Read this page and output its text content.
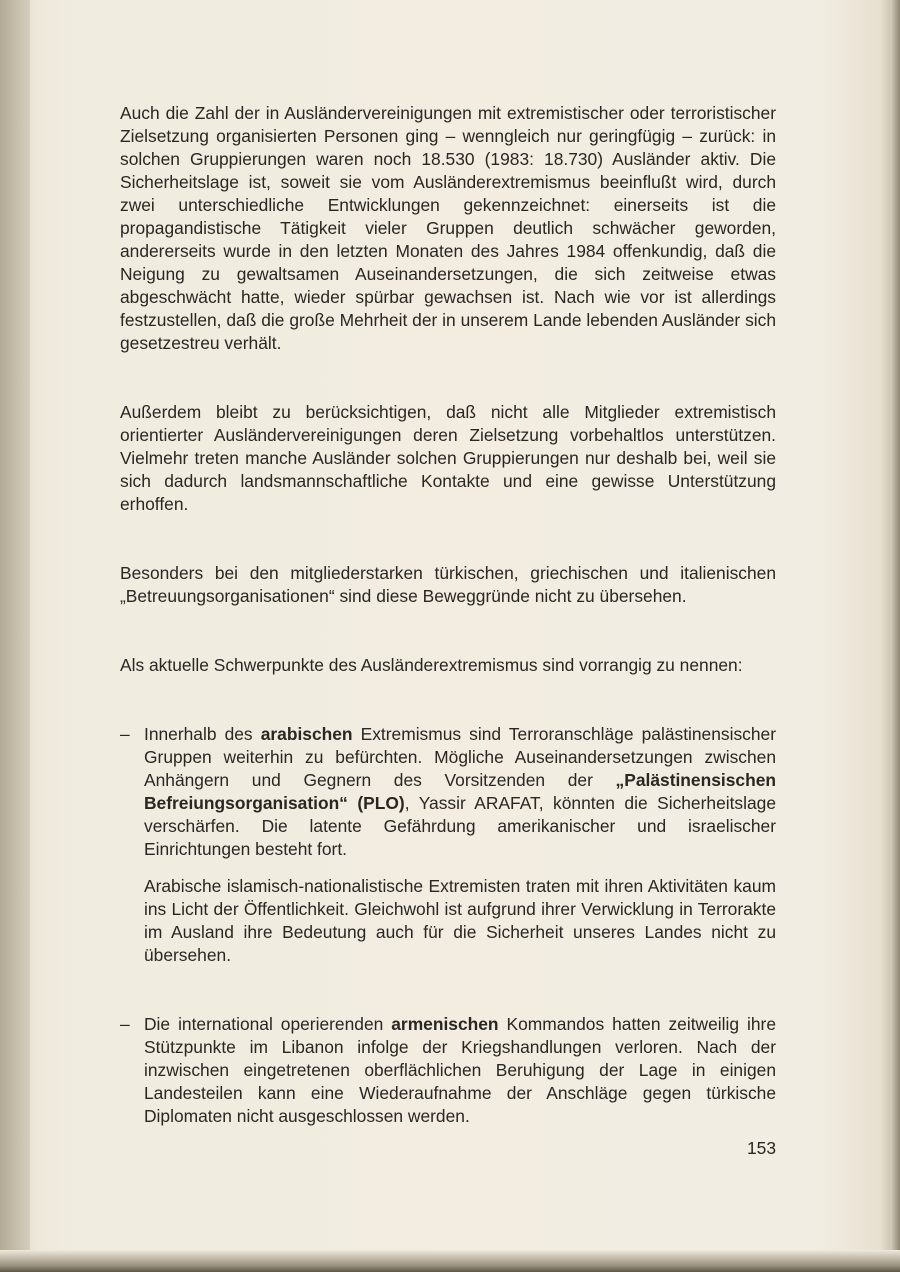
Auch die Zahl der in Ausländervereinigungen mit extremistischer oder terroristischer Zielsetzung organisierten Personen ging – wenngleich nur geringfügig – zurück: in solchen Gruppierungen waren noch 18.530 (1983: 18.730) Ausländer aktiv. Die Sicherheitslage ist, soweit sie vom Ausländerextremismus beeinflußt wird, durch zwei unterschiedliche Entwicklungen gekennzeichnet: einerseits ist die propagandistische Tätigkeit vieler Gruppen deutlich schwächer geworden, andererseits wurde in den letzten Monaten des Jahres 1984 offenkundig, daß die Neigung zu gewaltsamen Auseinandersetzungen, die sich zeitweise etwas abgeschwächt hatte, wieder spürbar gewachsen ist. Nach wie vor ist allerdings festzustellen, daß die große Mehrheit der in unserem Lande lebenden Ausländer sich gesetzestreu verhält.

Außerdem bleibt zu berücksichtigen, daß nicht alle Mitglieder extremistisch orientierter Ausländervereinigungen deren Zielsetzung vorbehaltlos unterstützen. Vielmehr treten manche Ausländer solchen Gruppierungen nur deshalb bei, weil sie sich dadurch landsmannschaftliche Kontakte und eine gewisse Unterstützung erhoffen.

Besonders bei den mitgliederstarken türkischen, griechischen und italienischen „Betreuungsorganisationen“ sind diese Beweggründe nicht zu übersehen.

Als aktuelle Schwerpunkte des Ausländerextremismus sind vorrangig zu nennen:

– Innerhalb des arabischen Extremismus sind Terroranschläge palästinensischer Gruppen weiterhin zu befürchten. Mögliche Auseinandersetzungen zwischen Anhängern und Gegnern des Vorsitzenden der „Palästinensischen Befreiungsorganisation“ (PLO), Yassir ARAFAT, könnten die Sicherheitslage verschärfen. Die latente Gefährdung amerikanischer und israelischer Einrichtungen besteht fort.

Arabische islamisch-nationalistische Extremisten traten mit ihren Aktivitäten kaum ins Licht der Öffentlichkeit. Gleichwohl ist aufgrund ihrer Verwicklung in Terrorakte im Ausland ihre Bedeutung auch für die Sicherheit unseres Landes nicht zu übersehen.

– Die international operierenden armenischen Kommandos hatten zeitweilig ihre Stützpunkte im Libanon infolge der Kriegshandlungen verloren. Nach der inzwischen eingetretenen oberflächlichen Beruhigung der Lage in einigen Landesteilen kann eine Wiederaufnahme der Anschläge gegen türkische Diplomaten nicht ausgeschlossen werden.

153
